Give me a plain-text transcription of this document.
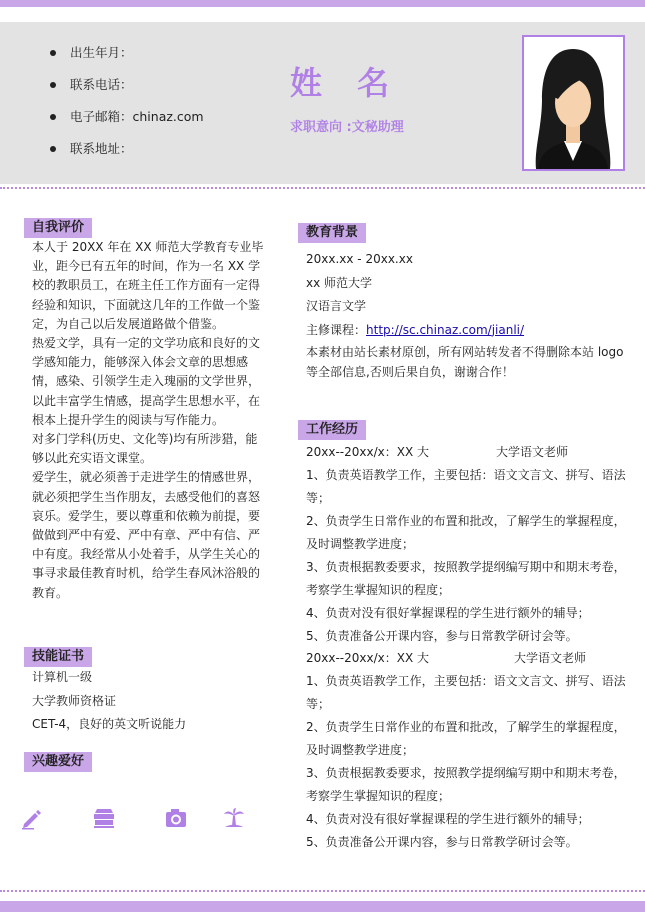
出生年月：
联系电话：
电子邮箱：chinaz.com
联系地址：
姓 名
求职意向 :文秘助理
自我评价

本人于 20XX 年在 XX 师范大学教育专业毕业，距今已有五年的时间，作为一名 XX 学校的教职员工，在班主任工作方面有一定得经验和知识，下面就这几年的工作做一个鉴定，为自己以后发展道路做个借鉴。

热爱文学，具有一定的文学功底和良好的文学感知能力，能够深入体会文章的思想感情，感染、引领学生走入瑰丽的文学世界，以此丰富学生情感，提高学生思想水平，在根本上提升学生的阅读与写作能力。

对多门学科(历史、文化等)均有所涉猎，能够以此充实语文课堂。

爱学生，就必须善于走进学生的情感世界，就必须把学生当作朋友，去感受他们的喜怒哀乐。爱学生，要以尊重和依赖为前提，要做做到严中有爱、严中有章、严中有信、严中有度。我经常从小处着手，从学生关心的事寻求最佳教育时机，给学生春风沐浴般的教育。

技能证书
计算机一级
大学教师资格证
CET-4，良好的英文听说能力
兴趣爱好
教育背景
20xx.xx - 20xx.xx
xx 师范大学
汉语言文学
主修课程：http://sc.chinaz.com/jianli/
本素材由站长素材原创，所有网站转发者不得删除本站 logo 等全部信息,否则后果自负，谢谢合作！
工作经历
20xx--20xx/x：XX 大	大学语文老师

1、负责英语教学工作，主要包括：语文文言文、拼写、语法等；

2、负责学生日常作业的布置和批改，了解学生的掌握程度，及时调整教学进度；

3、负责根据教委要求，按照教学提纲编写期中和期末考卷，考察学生掌握知识的程度；

4、负责对没有很好掌握课程的学生进行额外的辅导；

5、负责准备公开课内容，参与日常教学研讨会等。

20xx--20xx/x：XX 大	大学语文老师

1、负责英语教学工作，主要包括：语文文言文、拼写、语法等；

2、负责学生日常作业的布置和批改，了解学生的掌握程度，及时调整教学进度；

3、负责根据教委要求，按照教学提纲编写期中和期末考卷，考察学生掌握知识的程度；

4、负责对没有很好掌握课程的学生进行额外的辅导；

5、负责准备公开课内容，参与日常教学研讨会等。
